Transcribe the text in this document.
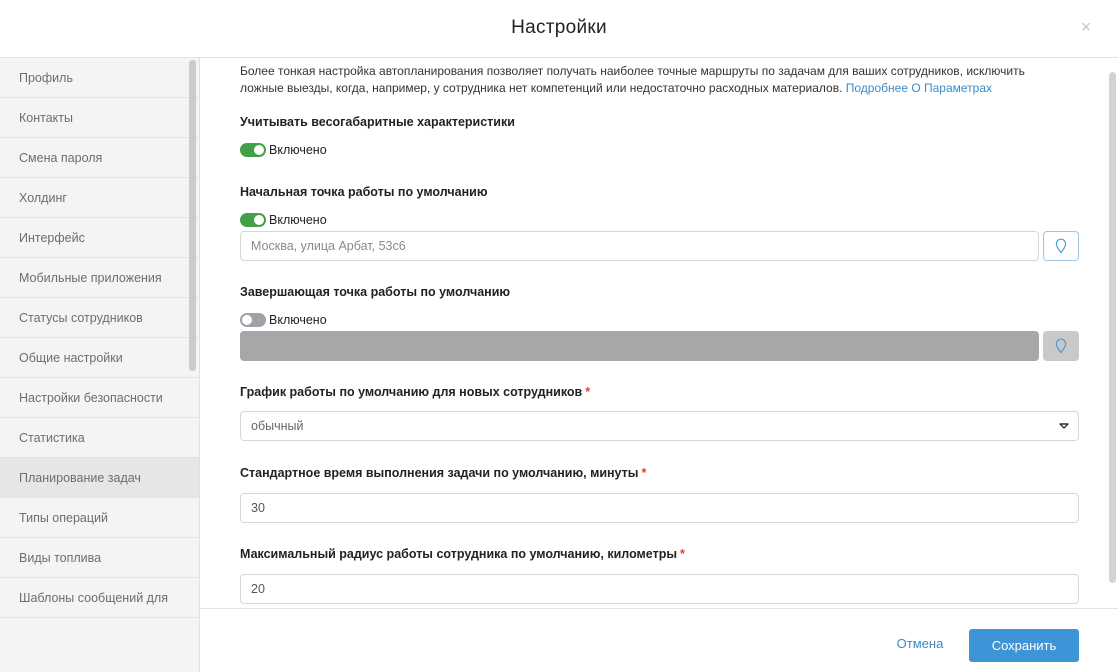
Настройки	×
Профиль
Контакты
Смена пароля
Холдинг
Интерфейс
Мобильные приложения
Статусы сотрудников
Общие настройки
Настройки безопасности
Статистика
Планирование задач
Типы операций
Виды топлива
Шаблоны сообщений для
Более тонкая настройка автопланирования позволяет получать наиболее точные маршруты по задачам для ваших сотрудников, исключить ложные выезды, когда, например, у сотрудника нет компетенций или недостаточно расходных материалов. Подробнее О Параметрах
Учитывать весогабаритные характеристики
Включено
Начальная точка работы по умолчанию
Включено
Москва, улица Арбат, 53с6
Завершающая точка работы по умолчанию
Включено
График работы по умолчанию для новых сотрудников *
обычный
Стандартное время выполнения задачи по умолчанию, минуты *
30
Максимальный радиус работы сотрудника по умолчанию, километры *
20
Отмена	Сохранить
